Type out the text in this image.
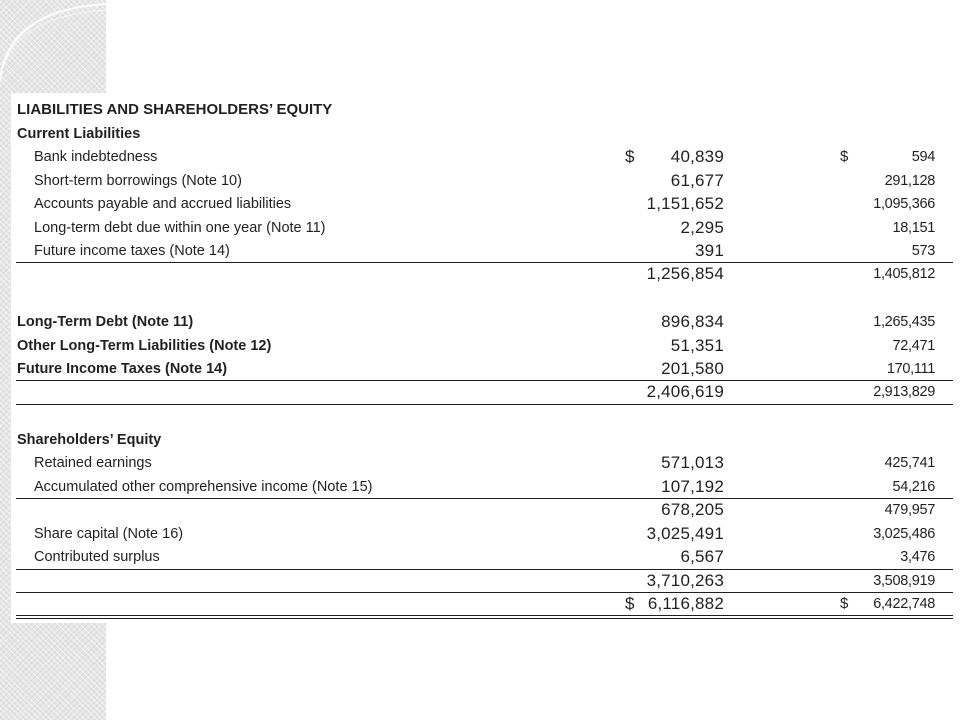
LIABILITIES AND SHAREHOLDERS’ EQUITY
Current Liabilities
Bank indebtedness	$ 40,839	$	594
Short-term borrowings (Note 10)	61,677	291,128
Accounts payable and accrued liabilities	1,151,652	1,095,366
Long-term debt due within one year (Note 11)	2,295	18,151
Future income taxes (Note 14)	391	573
1,256,854	1,405,812
Long-Term Debt (Note 11)	896,834	1,265,435
Other Long-Term Liabilities (Note 12)	51,351	72,471
Future Income Taxes (Note 14)	201,580	170,111
2,406,619	2,913,829
Shareholders’ Equity
Retained earnings	571,013	425,741
Accumulated other comprehensive income (Note 15)	107,192	54,216
678,205	479,957
Share capital (Note 16)	3,025,491	3,025,486
Contributed surplus	6,567	3,476
3,710,263	3,508,919
$ 6,116,882	$ 6,422,748
